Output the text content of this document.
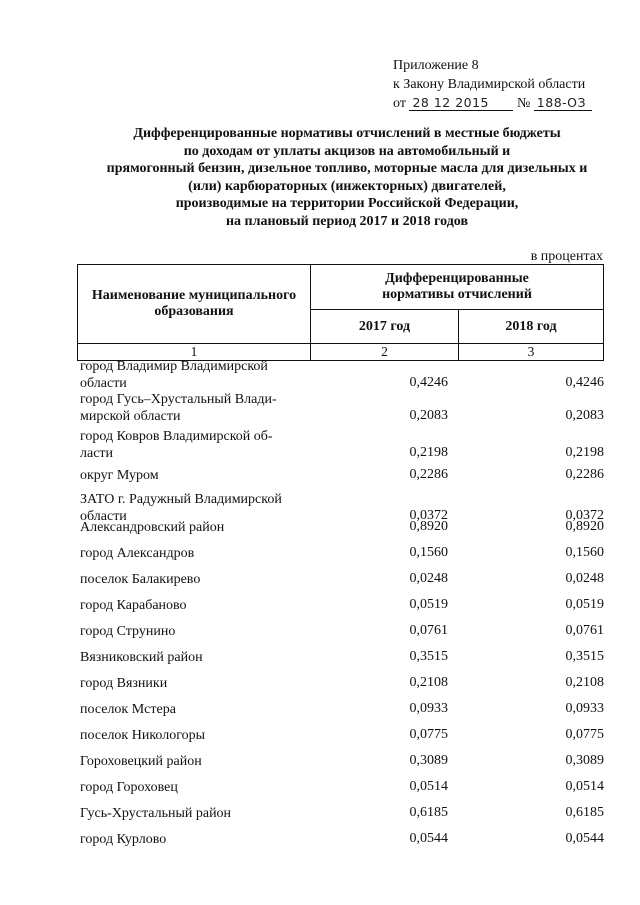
Приложение 8
к Закону Владимирской области
от 28 12 2015 № 188-ОЗ
Дифференцированные нормативы отчислений в местные бюджеты
по доходам от уплаты акцизов на автомобильный и
прямогонный бензин, дизельное топливо, моторные масла для дизельных и
(или) карбюраторных (инжекторных) двигателей,
производимые на территории Российской Федерации,
на плановый период 2017 и 2018 годов
в процентах
Наименование муниципального образования	Дифференцированные нормативы отчислений	
	2017 год	2018 год
1	2	3
город Владимир Владимирской
области	0,4246	0,4246
город Гусь–Хрустальный Влади-
мирской области	0,2083	0,2083
город Ковров Владимирской об-
ласти	0,2198	0,2198
округ Муром	0,2286	0,2286
ЗАТО г. Радужный Владимирской
области	0,0372	0,0372
Александровский район	0,8920	0,8920
город Александров	0,1560	0,1560
поселок Балакирево	0,0248	0,0248
город Карабаново	0,0519	0,0519
город Струнино	0,0761	0,0761
Вязниковский район	0,3515	0,3515
город Вязники	0,2108	0,2108
поселок Мстера	0,0933	0,0933
поселок Никологоры	0,0775	0,0775
Гороховецкий район	0,3089	0,3089
город Гороховец	0,0514	0,0514
Гусь-Хрустальный район	0,6185	0,6185
город Курлово	0,0544	0,0544
